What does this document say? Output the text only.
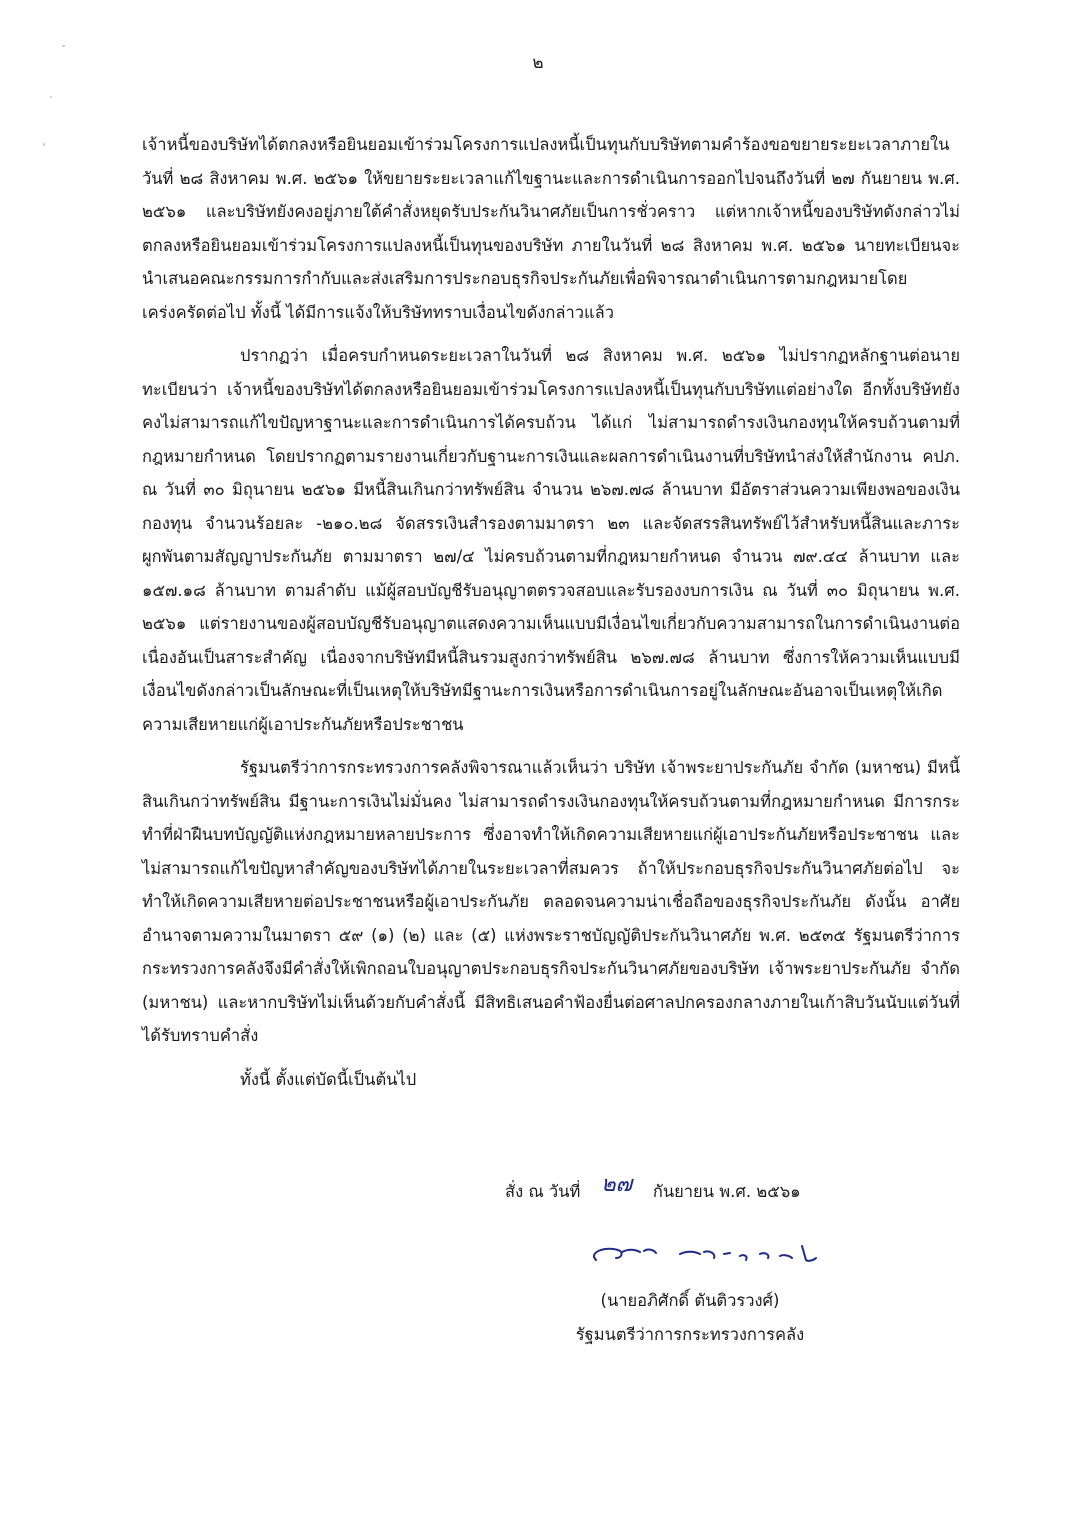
๒

เจ้าหนี้ของบริษัทได้ตกลงหรือยินยอมเข้าร่วมโครงการแปลงหนี้เป็นทุนกับบริษัทตามคำร้องขอขยายระยะเวลาภายในวันที่ ๒๘ สิงหาคม พ.ศ. ๒๕๖๑ ให้ขยายระยะเวลาแก้ไขฐานะและการดำเนินการออกไปจนถึงวันที่ ๒๗ กันยายน พ.ศ. ๒๕๖๑ และบริษัทยังคงอยู่ภายใต้คำสั่งหยุดรับประกันวินาศภัยเป็นการชั่วคราว แต่หากเจ้าหนี้ของบริษัทดังกล่าวไม่ตกลงหรือยินยอมเข้าร่วมโครงการแปลงหนี้เป็นทุนของบริษัท ภายในวันที่ ๒๘ สิงหาคม พ.ศ. ๒๕๖๑ นายทะเบียนจะนำเสนอคณะกรรมการกำกับและส่งเสริมการประกอบธุรกิจประกันภัยเพื่อพิจารณาดำเนินการตามกฎหมายโดยเคร่งครัดต่อไป ทั้งนี้ ได้มีการแจ้งให้บริษัททราบเงื่อนไขดังกล่าวแล้ว

ปรากฏว่า เมื่อครบกำหนดระยะเวลาในวันที่ ๒๘ สิงหาคม พ.ศ. ๒๕๖๑ ไม่ปรากฏหลักฐานต่อนายทะเบียนว่า เจ้าหนี้ของบริษัทได้ตกลงหรือยินยอมเข้าร่วมโครงการแปลงหนี้เป็นทุนกับบริษัทแต่อย่างใด อีกทั้งบริษัทยังคงไม่สามารถแก้ไขปัญหาฐานะและการดำเนินการได้ครบถ้วน ได้แก่ ไม่สามารถดำรงเงินกองทุนให้ครบถ้วนตามที่กฎหมายกำหนด โดยปรากฏตามรายงานเกี่ยวกับฐานะการเงินและผลการดำเนินงานที่บริษัทนำส่งให้สำนักงาน คปภ. ณ วันที่ ๓๐ มิถุนายน ๒๕๖๑ มีหนี้สินเกินกว่าทรัพย์สิน จำนวน ๒๖๗.๗๘ ล้านบาท มีอัตราส่วนความเพียงพอของเงินกองทุน จำนวนร้อยละ -๒๑๐.๒๘ จัดสรรเงินสำรองตามมาตรา ๒๓ และจัดสรรสินทรัพย์ไว้สำหรับหนี้สินและภาระผูกพันตามสัญญาประกันภัย ตามมาตรา ๒๗/๔ ไม่ครบถ้วนตามที่กฎหมายกำหนด จำนวน ๗๙.๔๔ ล้านบาท และ ๑๕๗.๑๘ ล้านบาท ตามลำดับ แม้ผู้สอบบัญชีรับอนุญาตตรวจสอบและรับรองงบการเงิน ณ วันที่ ๓๐ มิถุนายน พ.ศ. ๒๕๖๑ แต่รายงานของผู้สอบบัญชีรับอนุญาตแสดงความเห็นแบบมีเงื่อนไขเกี่ยวกับความสามารถในการดำเนินงานต่อเนื่องอันเป็นสาระสำคัญ เนื่องจากบริษัทมีหนี้สินรวมสูงกว่าทรัพย์สิน ๒๖๗.๗๘ ล้านบาท ซึ่งการให้ความเห็นแบบมีเงื่อนไขดังกล่าวเป็นลักษณะที่เป็นเหตุให้บริษัทมีฐานะการเงินหรือการดำเนินการอยู่ในลักษณะอันอาจเป็นเหตุให้เกิดความเสียหายแก่ผู้เอาประกันภัยหรือประชาชน

รัฐมนตรีว่าการกระทรวงการคลังพิจารณาแล้วเห็นว่า บริษัท เจ้าพระยาประกันภัย จำกัด (มหาชน) มีหนี้สินเกินกว่าทรัพย์สิน มีฐานะการเงินไม่มั่นคง ไม่สามารถดำรงเงินกองทุนให้ครบถ้วนตามที่กฎหมายกำหนด มีการกระทำที่ฝ่าฝืนบทบัญญัติแห่งกฎหมายหลายประการ ซึ่งอาจทำให้เกิดความเสียหายแก่ผู้เอาประกันภัยหรือประชาชน และไม่สามารถแก้ไขปัญหาสำคัญของบริษัทได้ภายในระยะเวลาที่สมควร ถ้าให้ประกอบธุรกิจประกันวินาศภัยต่อไป จะทำให้เกิดความเสียหายต่อประชาชนหรือผู้เอาประกันภัย ตลอดจนความน่าเชื่อถือของธุรกิจประกันภัย ดังนั้น อาศัยอำนาจตามความในมาตรา ๕๙ (๑) (๒) และ (๕) แห่งพระราชบัญญัติประกันวินาศภัย พ.ศ. ๒๕๓๕ รัฐมนตรีว่าการกระทรวงการคลังจึงมีคำสั่งให้เพิกถอนใบอนุญาตประกอบธุรกิจประกันวินาศภัยของบริษัท เจ้าพระยาประกันภัย จำกัด (มหาชน) และหากบริษัทไม่เห็นด้วยกับคำสั่งนี้ มีสิทธิเสนอคำฟ้องยื่นต่อศาลปกครองกลางภายในเก้าสิบวันนับแต่วันที่ได้รับทราบคำสั่ง

ทั้งนี้ ตั้งแต่บัดนี้เป็นต้นไป

สั่ง ณ วันที่ ๒๗ กันยายน พ.ศ. ๒๕๖๑
(นายอภิศักดิ์ ตันติวรวงศ์)
รัฐมนตรีว่าการกระทรวงการคลัง
